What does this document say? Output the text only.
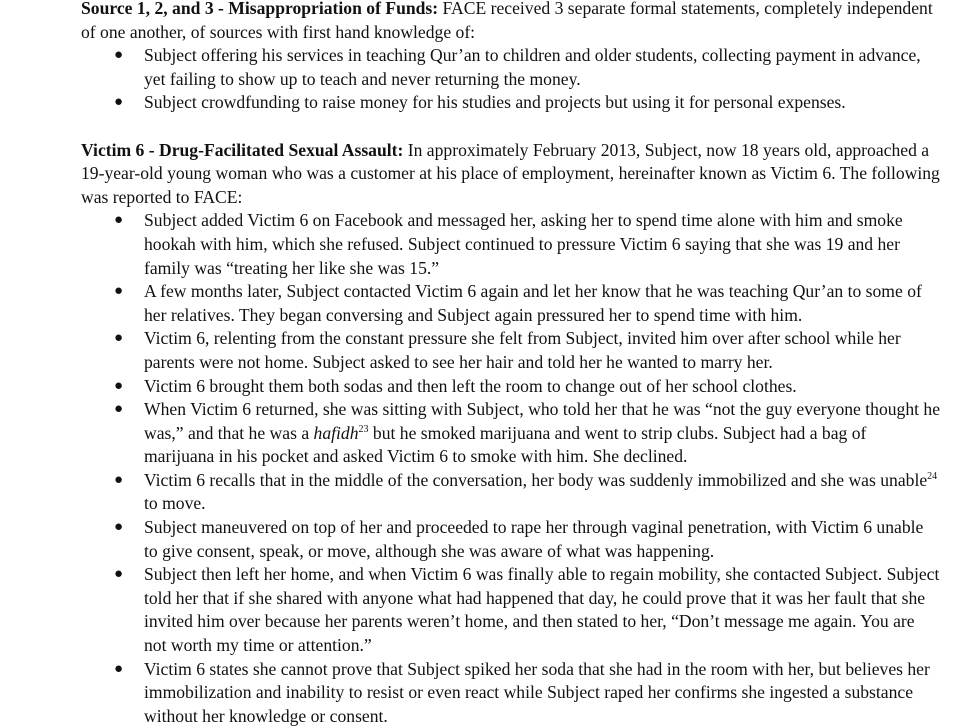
Source 1, 2, and 3 - Misappropriation of Funds: FACE received 3 separate formal statements, completely independent of one another, of sources with first hand knowledge of:

● Subject offering his services in teaching Qur’an to children and older students, collecting payment in advance, yet failing to show up to teach and never returning the money.
● Subject crowdfunding to raise money for his studies and projects but using it for personal expenses.

Victim 6 - Drug-Facilitated Sexual Assault: In approximately February 2013, Subject, now 18 years old, approached a 19-year-old young woman who was a customer at his place of employment, hereinafter known as Victim 6. The following was reported to FACE:

● Subject added Victim 6 on Facebook and messaged her, asking her to spend time alone with him and smoke hookah with him, which she refused. Subject continued to pressure Victim 6 saying that she was 19 and her family was “treating her like she was 15.”
● A few months later, Subject contacted Victim 6 again and let her know that he was teaching Qur’an to some of her relatives. They began conversing and Subject again pressured her to spend time with him.
● Victim 6, relenting from the constant pressure she felt from Subject, invited him over after school while her parents were not home. Subject asked to see her hair and told her he wanted to marry her.
● Victim 6 brought them both sodas and then left the room to change out of her school clothes.
● When Victim 6 returned, she was sitting with Subject, who told her that he was “not the guy everyone thought he was,” and that he was a hafidh$^{23}$ but he smoked marijuana and went to strip clubs. Subject had a bag of marijuana in his pocket and asked Victim 6 to smoke with him. She declined.
● Victim 6 recalls that in the middle of the conversation, her body was suddenly immobilized and she was unable$^{24}$ to move.
● Subject maneuvered on top of her and proceeded to rape her through vaginal penetration, with Victim 6 unable to give consent, speak, or move, although she was aware of what was happening.
● Subject then left her home, and when Victim 6 was finally able to regain mobility, she contacted Subject. Subject told her that if she shared with anyone what had happened that day, he could prove that it was her fault that she invited him over because her parents weren’t home, and then stated to her, “Don’t message me again. You are not worth my time or attention.”
● Victim 6 states she cannot prove that Subject spiked her soda that she had in the room with her, but believes her immobilization and inability to resist or even react while Subject raped her confirms she ingested a substance without her knowledge or consent.
